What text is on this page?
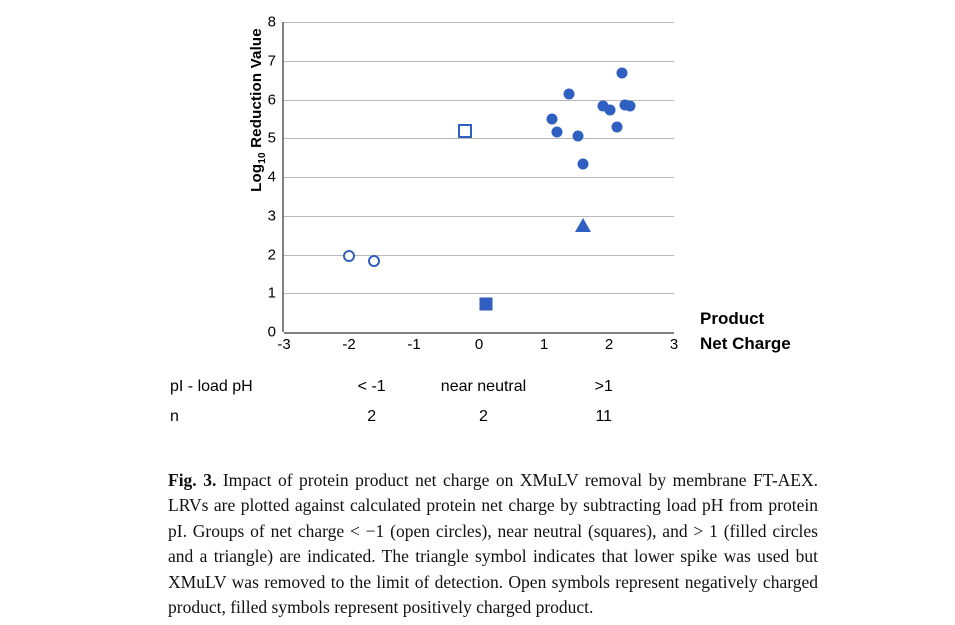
Log$_{10}$ Reduction Value
0
1
2
3
4
5
6
7
8
-3	-2	-1	0	1	2	3
Product
Net Charge
pI - load pH	< -1	near neutral	>1
n	2	2	11

Fig. 3. Impact of protein product net charge on XMuLV removal by membrane FT-AEX. LRVs are plotted against calculated protein net charge by subtracting load pH from protein pI. Groups of net charge < −1 (open circles), near neutral (squares), and > 1 (filled circles and a triangle) are indicated. The triangle symbol indicates that lower spike was used but XMuLV was removed to the limit of detection. Open symbols represent negatively charged product, filled symbols represent positively charged product.
